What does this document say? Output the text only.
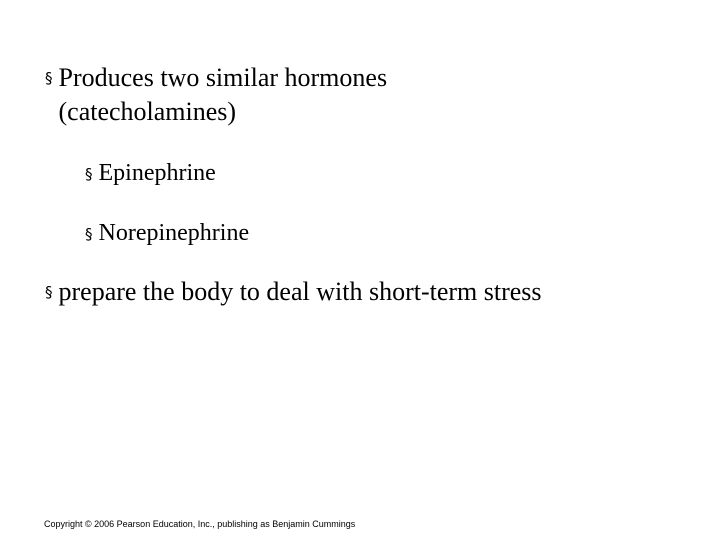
§ Produces two similar hormones
(catecholamines)
§ Epinephrine
§ Norepinephrine
§ prepare the body to deal with short-term stress
Copyright © 2006 Pearson Education, Inc., publishing as Benjamin Cummings
